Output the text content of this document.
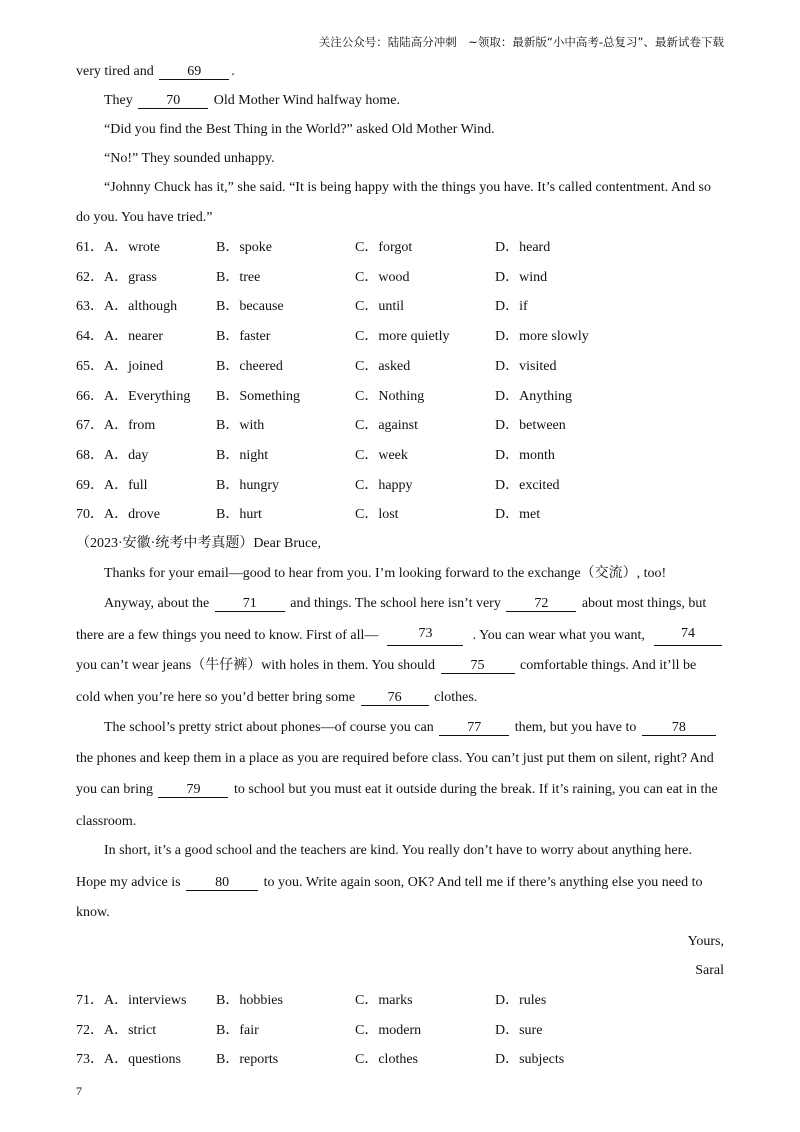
关注公众号：陆陆高分冲刺　~领取：最新版“小中高考-总复习”、最新试卷下载
very tired and 69 .
They 70 Old Mother Wind halfway home.
“Did you find the Best Thing in the World?” asked Old Mother Wind.
“No!” They sounded unhappy.
“Johnny Chuck has it,” she said. “It is being happy with the things you have. It’s called contentment. And so
do you. You have tried.”
61．A．wrote	B．spoke	C．forgot	D．heard
62．A．grass	B．tree	C．wood	D．wind
63．A．although	B．because	C．until	D．if
64．A．nearer	B．faster	C．more quietly	D．more slowly
65．A．joined	B．cheered	C．asked	D．visited
66．A．Everything B．Something	C．Nothing	D．Anything
67．A．from	B．with	C．against	D．between
68．A．day	B．night	C．week	D．month
69．A．full	B．hungry	C．happy	D．excited
70．A．drove	B．hurt	C．lost	D．met
（2023·安徽·统考中考真题）Dear Bruce,
Thanks for your email—good to hear from you. I’m looking forward to the exchange（交流）, too!
Anyway, about the 71 and things. The school here isn’t very 72 about most things, but
there are a few things you need to know. First of all—	73	. You can wear what you want,	74
you can’t wear jeans（牛仔裤）with holes in them. You should	75	comfortable things. And it’ll be
cold when you’re here so you’d better bring some 76 clothes.
The school’s pretty strict about phones—of course you can 77 them, but you have to	78
the phones and keep them in a place as you are required before class. You can’t just put them on silent, right? And
you can bring 79 to school but you must eat it outside during the break. If it’s raining, you can eat in the
classroom.
In short, it’s a good school and the teachers are kind. You really don’t have to worry about anything here.
Hope my advice is 80 to you. Write again soon, OK? And tell me if there’s anything else you need to
know.
Yours,
Saral
71．A．interviews B．hobbies	C．marks	D．rules
72．A．strict	B．fair	C．modern	D．sure
73．A．questions	B．reports	C．clothes	D．subjects
7
